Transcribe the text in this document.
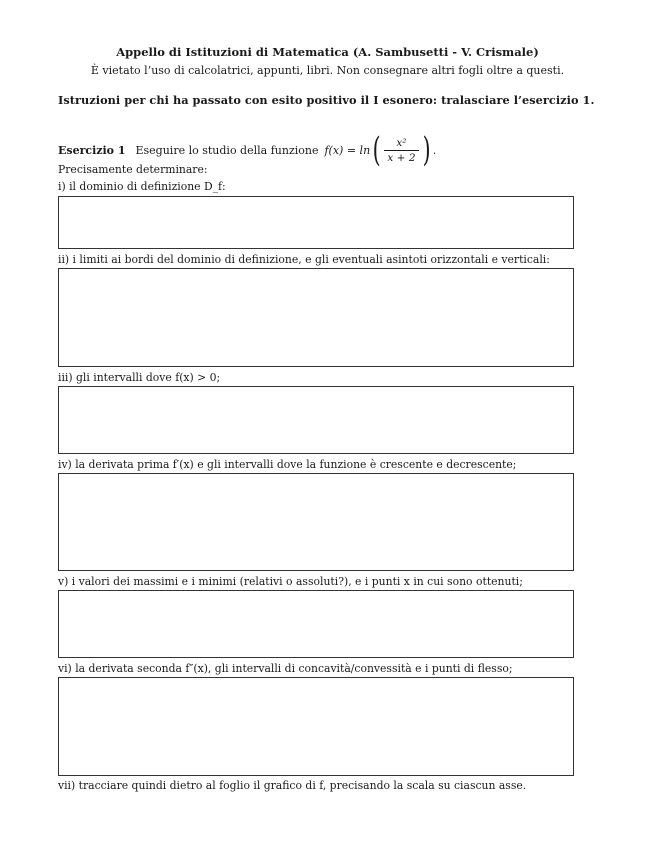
Appello di Istituzioni di Matematica (A. Sambusetti - V. Crismale)
È vietato l’uso di calcolatrici, appunti, libri. Non consegnare altri fogli oltre a questi.
Istruzioni per chi ha passato con esito positivo il I esonero: tralasciare l’esercizio 1.
Esercizio 1 Eseguire lo studio della funzione f(x) = ln ( $\frac{\text{x²}}{x + 2}$ ) .
Precisamente determinare:
i) il dominio di definizione D_f:
ii) i limiti ai bordi del dominio di definizione, e gli eventuali asintoti orizzontali e verticali:
iii) gli intervalli dove f(x) > 0;
iv) la derivata prima f′(x) e gli intervalli dove la funzione è crescente e decrescente;
v) i valori dei massimi e i minimi (relativi o assoluti?), e i punti x in cui sono ottenuti;
vi) la derivata seconda f″(x), gli intervalli di concavità/convessità e i punti di flesso;
vii) tracciare quindi dietro al foglio il grafico di f, precisando la scala su ciascun asse.
